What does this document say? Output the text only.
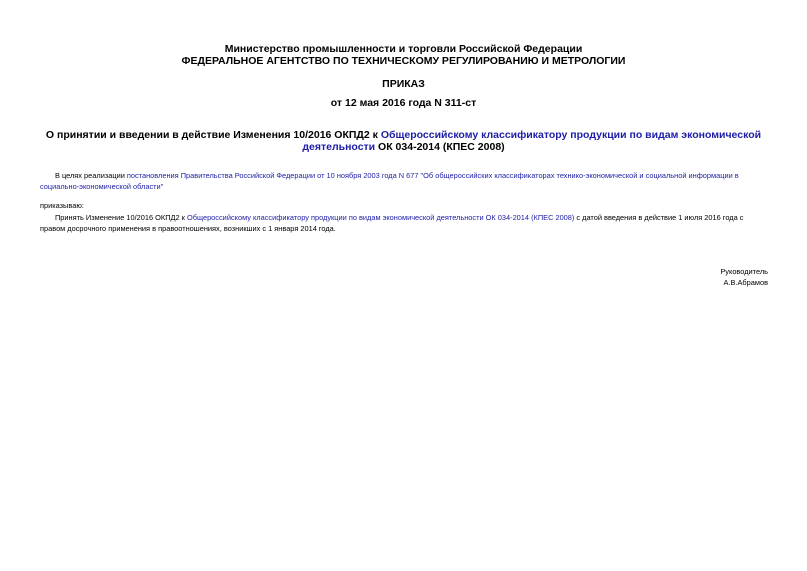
Министерство промышленности и торговли Российской Федерации
ФЕДЕРАЛЬНОЕ АГЕНТСТВО ПО ТЕХНИЧЕСКОМУ РЕГУЛИРОВАНИЮ И МЕТРОЛОГИИ
ПРИКАЗ
от 12 мая 2016 года N 311-ст
О принятии и введении в действие Изменения 10/2016 ОКПД2 к Общероссийскому классификатору продукции по видам экономической деятельности ОК 034-2014 (КПЕС 2008)
В целях реализации постановления Правительства Российской Федерации от 10 ноября 2003 года N 677 "Об общероссийских классификаторах технико-экономической и социальной информации в социально-экономической области"
приказываю:
Принять Изменение 10/2016 ОКПД2 к Общероссийскому классификатору продукции по видам экономической деятельности ОК 034-2014 (КПЕС 2008) с датой введения в действие 1 июля 2016 года с правом досрочного применения в правоотношениях, возникших с 1 января 2014 года.
Руководитель
А.В.Абрамов
